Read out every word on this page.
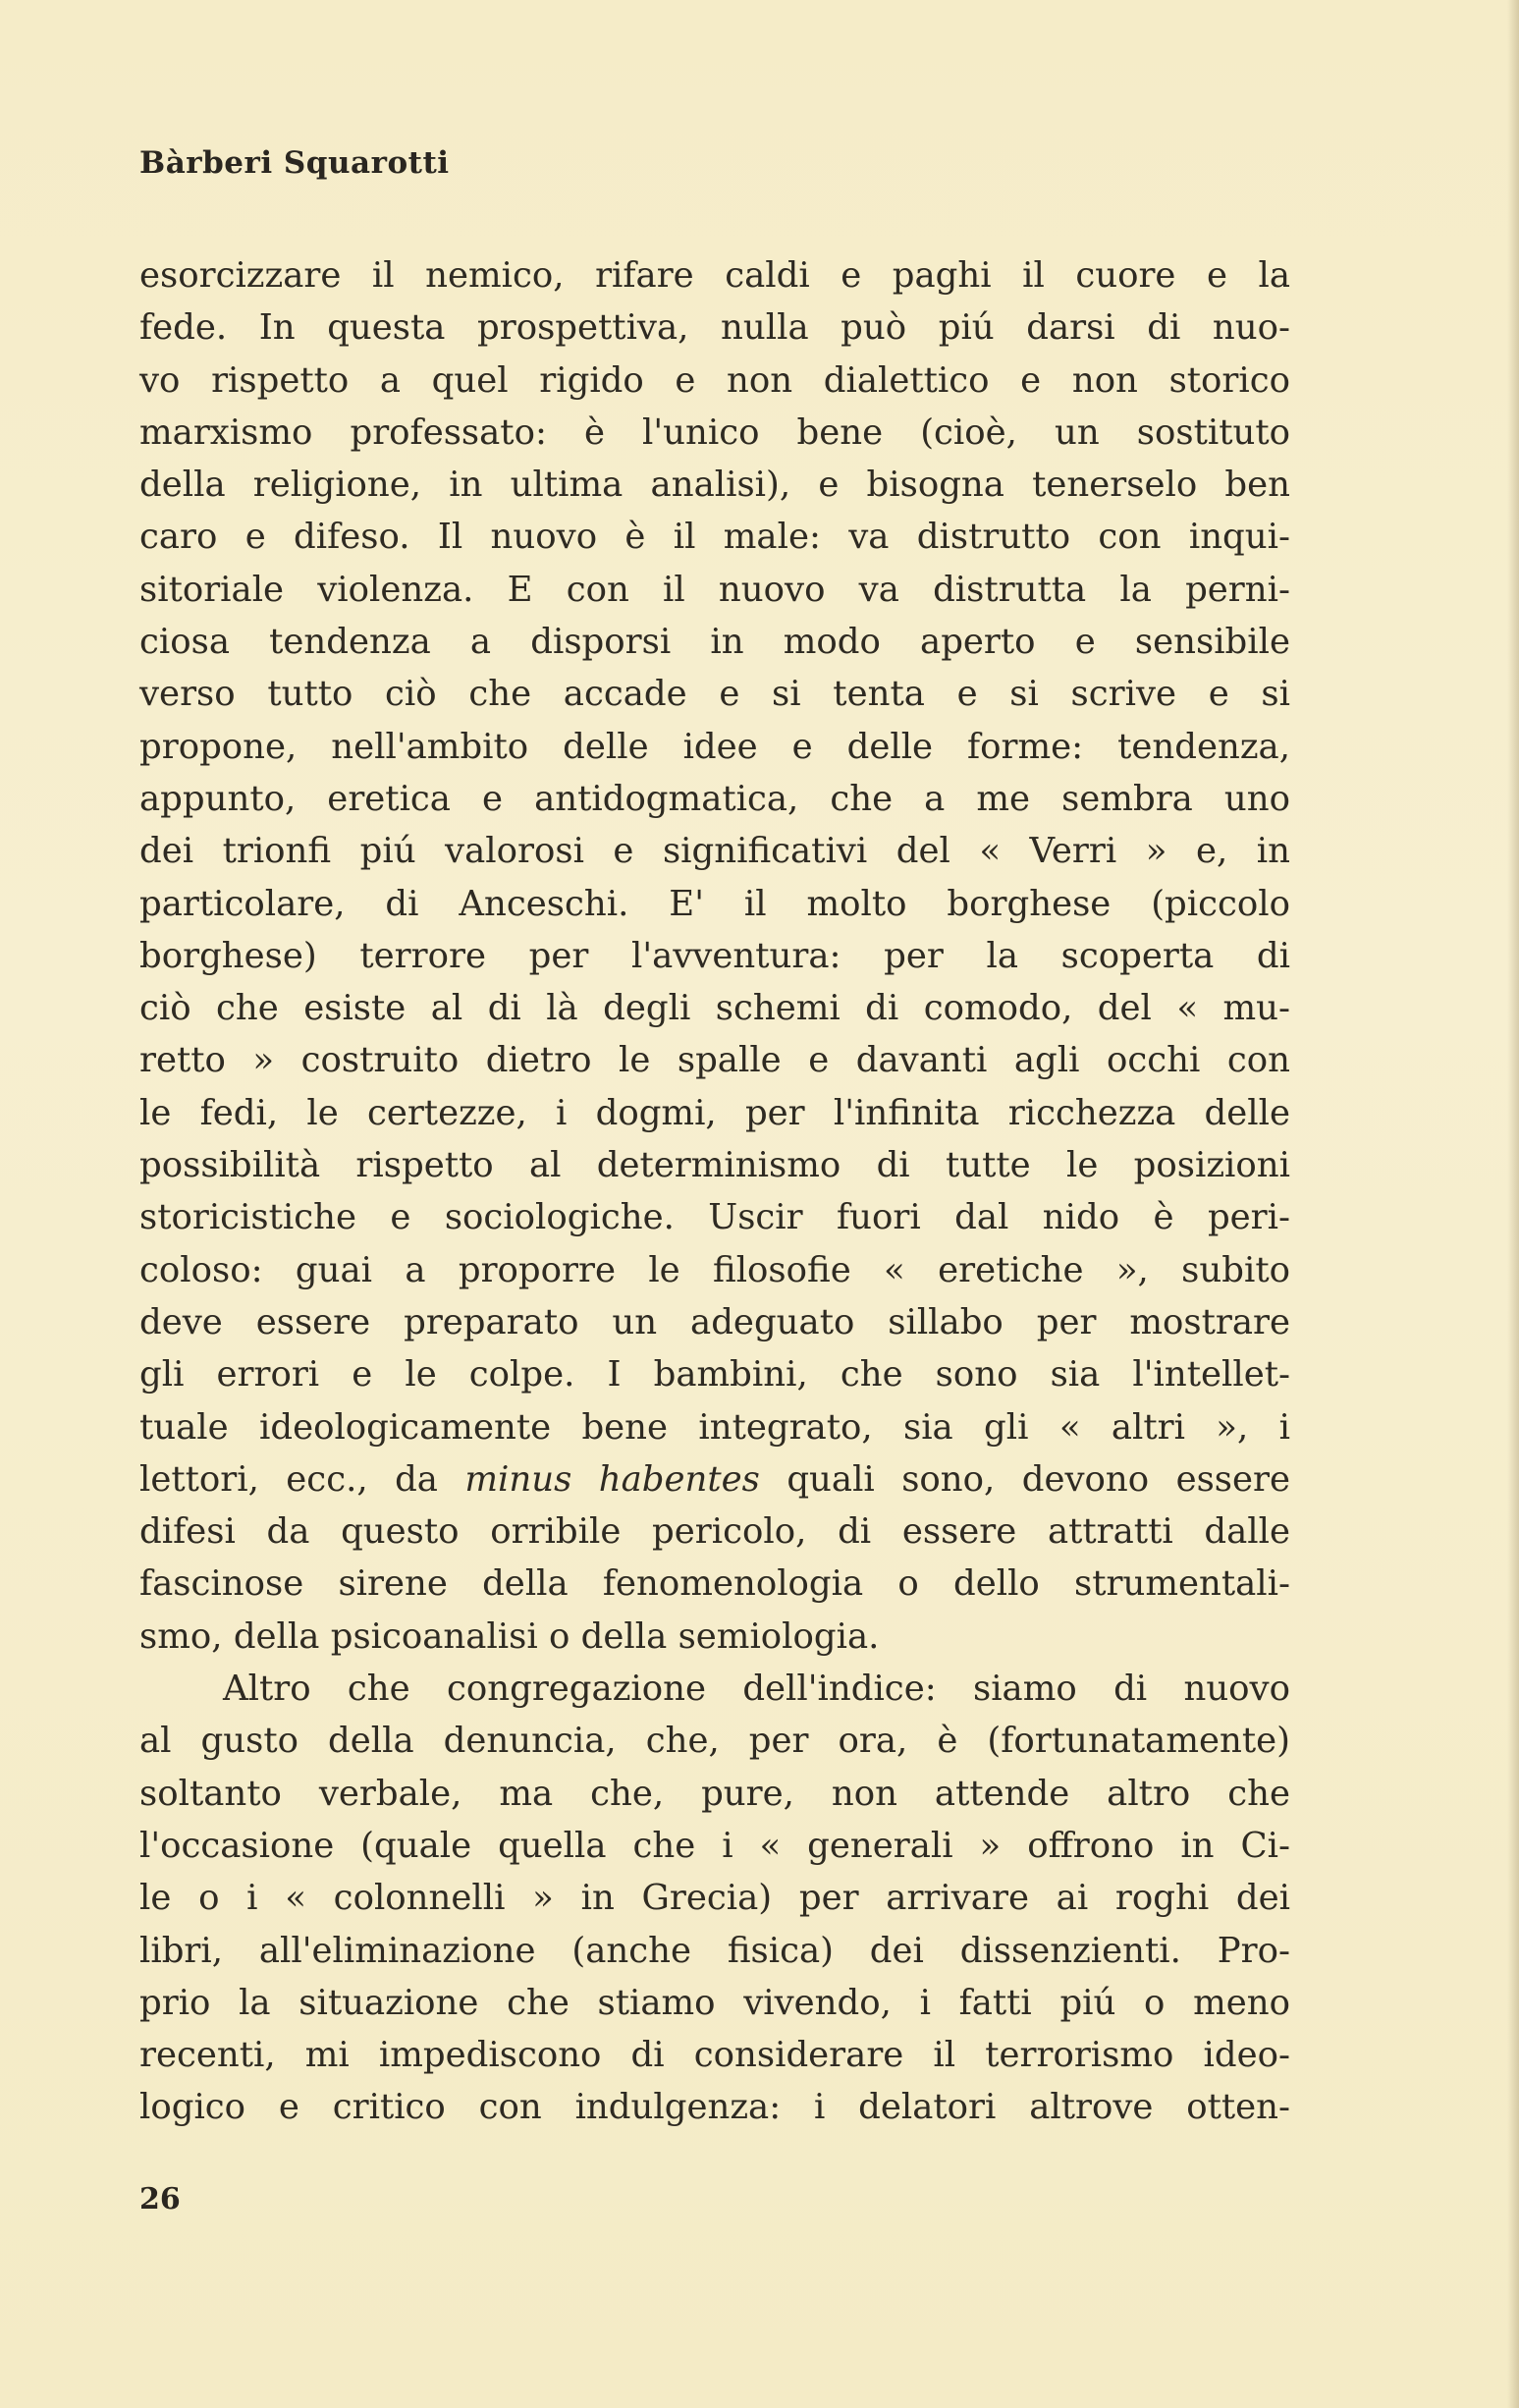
Bàrberi Squarotti
esorcizzare il nemico, rifare caldi e paghi il cuore e la
fede. In questa prospettiva, nulla può piú darsi di nuo-
vo rispetto a quel rigido e non dialettico e non storico
marxismo professato: è l'unico bene (cioè, un sostituto
della religione, in ultima analisi), e bisogna tenerselo ben
caro e difeso. Il nuovo è il male: va distrutto con inqui-
sitoriale violenza. E con il nuovo va distrutta la perni-
ciosa tendenza a disporsi in modo aperto e sensibile
verso tutto ciò che accade e si tenta e si scrive e si
propone, nell'ambito delle idee e delle forme: tendenza,
appunto, eretica e antidogmatica, che a me sembra uno
dei trionfi piú valorosi e significativi del « Verri » e, in
particolare, di Anceschi. E' il molto borghese (piccolo
borghese) terrore per l'avventura: per la scoperta di
ciò che esiste al di là degli schemi di comodo, del « mu-
retto » costruito dietro le spalle e davanti agli occhi con
le fedi, le certezze, i dogmi, per l'infinita ricchezza delle
possibilità rispetto al determinismo di tutte le posizioni
storicistiche e sociologiche. Uscir fuori dal nido è peri-
coloso: guai a proporre le filosofie « eretiche », subito
deve essere preparato un adeguato sillabo per mostrare
gli errori e le colpe. I bambini, che sono sia l'intellet-
tuale ideologicamente bene integrato, sia gli « altri », i
lettori, ecc., da minus habentes quali sono, devono essere
difesi da questo orribile pericolo, di essere attratti dalle
fascinose sirene della fenomenologia o dello strumentali-
smo, della psicoanalisi o della semiologia.
Altro che congregazione dell'indice: siamo di nuovo
al gusto della denuncia, che, per ora, è (fortunatamente)
soltanto verbale, ma che, pure, non attende altro che
l'occasione (quale quella che i « generali » offrono in Ci-
le o i « colonnelli » in Grecia) per arrivare ai roghi dei
libri, all'eliminazione (anche fisica) dei dissenzienti. Pro-
prio la situazione che stiamo vivendo, i fatti piú o meno
recenti, mi impediscono di considerare il terrorismo ideo-
logico e critico con indulgenza: i delatori altrove otten-
26
